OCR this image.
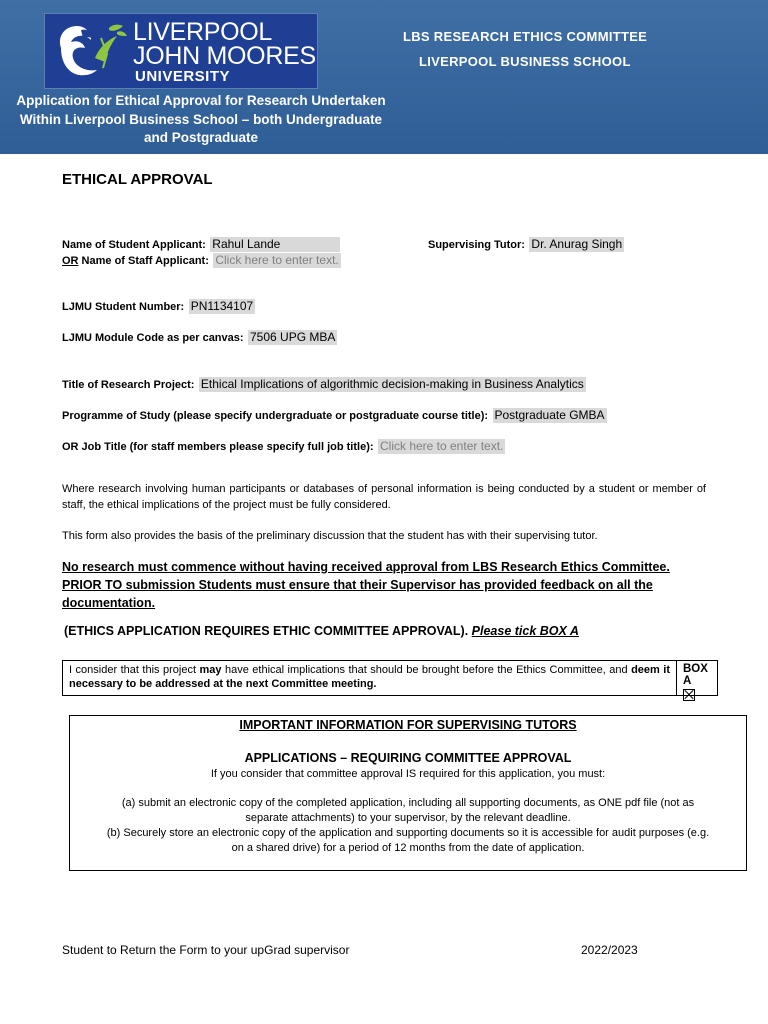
LIVERPOOL
JOHN MOORES
UNIVERSITY
LBS RESEARCH ETHICS COMMITTEE
LIVERPOOL BUSINESS SCHOOL
Application for Ethical Approval for Research Undertaken Within Liverpool Business School – both Undergraduate and Postgraduate
ETHICAL APPROVAL
Name of Student Applicant: Rahul Lande
OR Name of Staff Applicant: Click here to enter text.
Supervising Tutor: Dr. Anurag Singh
LJMU Student Number: PN1134107
LJMU Module Code as per canvas: 7506 UPG MBA
Title of Research Project: Ethical Implications of algorithmic decision-making in Business Analytics
Programme of Study (please specify undergraduate or postgraduate course title): Postgraduate GMBA
OR Job Title (for staff members please specify full job title): Click here to enter text.
Where research involving human participants or databases of personal information is being conducted by a student or member of staff, the ethical implications of the project must be fully considered.
This form also provides the basis of the preliminary discussion that the student has with their supervising tutor.
No research must commence without having received approval from LBS Research Ethics Committee. PRIOR TO submission Students must ensure that their Supervisor has provided feedback on all the documentation.
(ETHICS APPLICATION REQUIRES ETHIC COMMITTEE APPROVAL). Please tick BOX A
I consider that this project may have ethical implications that should be brought before the Ethics Committee, and deem it necessary to be addressed at the next Committee meeting.
BOX A
IMPORTANT INFORMATION FOR SUPERVISING TUTORS
APPLICATIONS – REQUIRING COMMITTEE APPROVAL
If you consider that committee approval IS required for this application, you must:
(a) submit an electronic copy of the completed application, including all supporting documents, as ONE pdf file (not as separate attachments) to your supervisor, by the relevant deadline.
(b) Securely store an electronic copy of the application and supporting documents so it is accessible for audit purposes (e.g. on a shared drive) for a period of 12 months from the date of application.
Student to Return the Form to your upGrad supervisor	2022/2023
